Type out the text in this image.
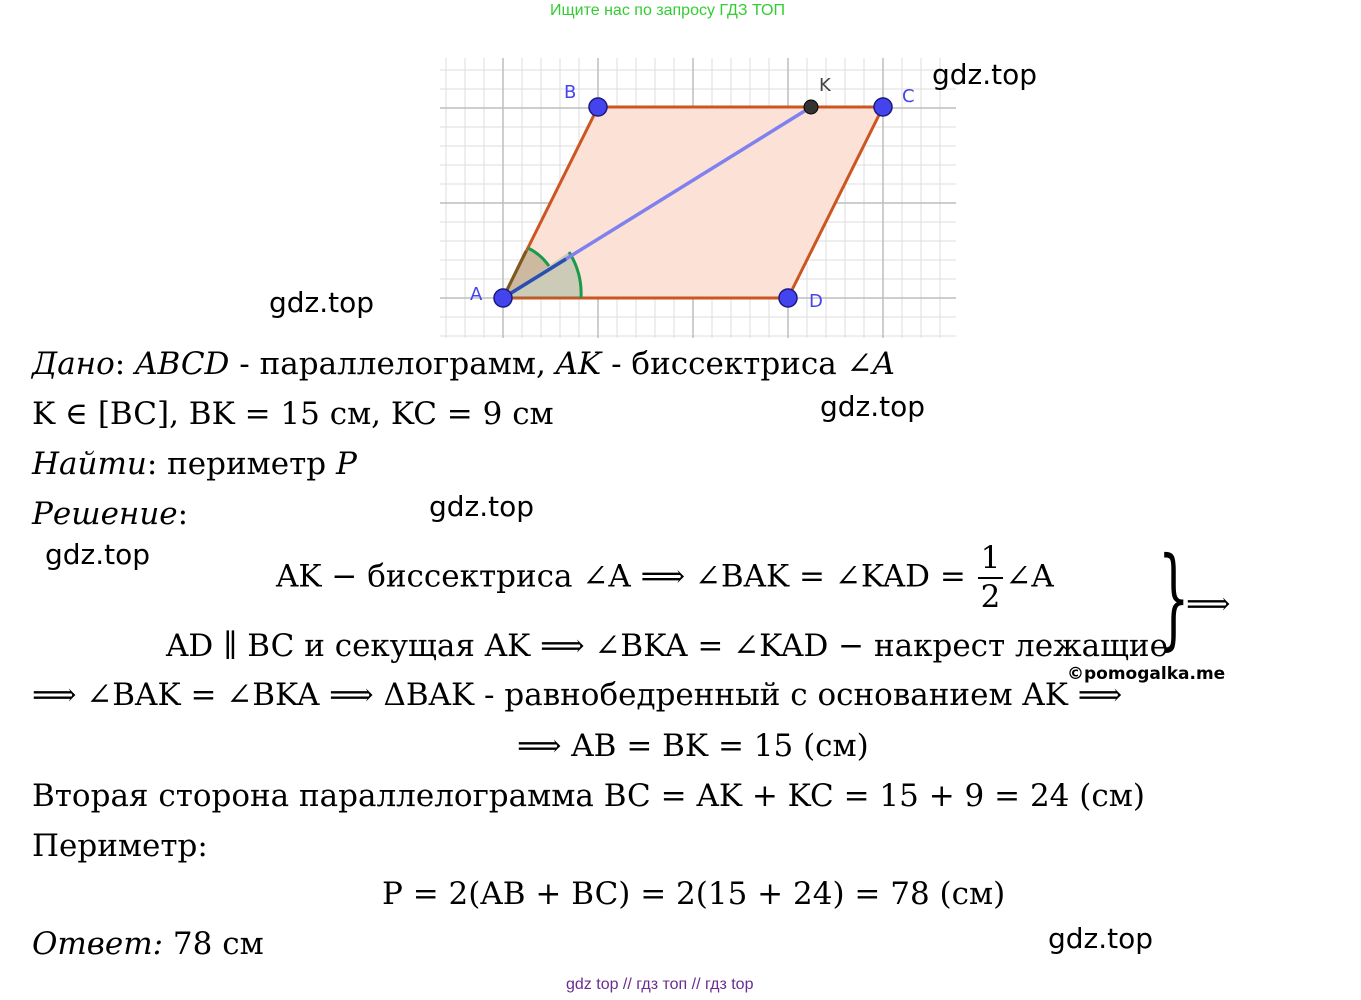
Ищите нас по запросу ГДЗ ТОП
A
B	C
D
K	gdz.top
gdz.top
gdz.top
gdz.top
gdz.top
gdz.top
Дано: ABCD - параллелограмм, AK - биссектриса ∠A
K ∈ [BC], BK = 15 см, KC = 9 см
Найти: периметр P
Решение:
AK − биссектриса ∠A ⟹ ∠BAK = ∠KAD = $\frac{1}{2}$ ∠A
AD ∥ BC и секущая AK ⟹ ∠BKA = ∠KAD − накрест лежащие
}
⟹
©pomogalka.me
⟹ ∠BAK = ∠BKA ⟹ ΔBAK - равнобедренный с основанием AK ⟹
⟹ AB = BK = 15 (см)
Вторая сторона параллелограмма BC = AK + KC = 15 + 9 = 24 (см)
Периметр:
P = 2(AB + BC) = 2(15 + 24) = 78 (см)
Ответ: 78 см
gdz top // гдз топ // гдз top
